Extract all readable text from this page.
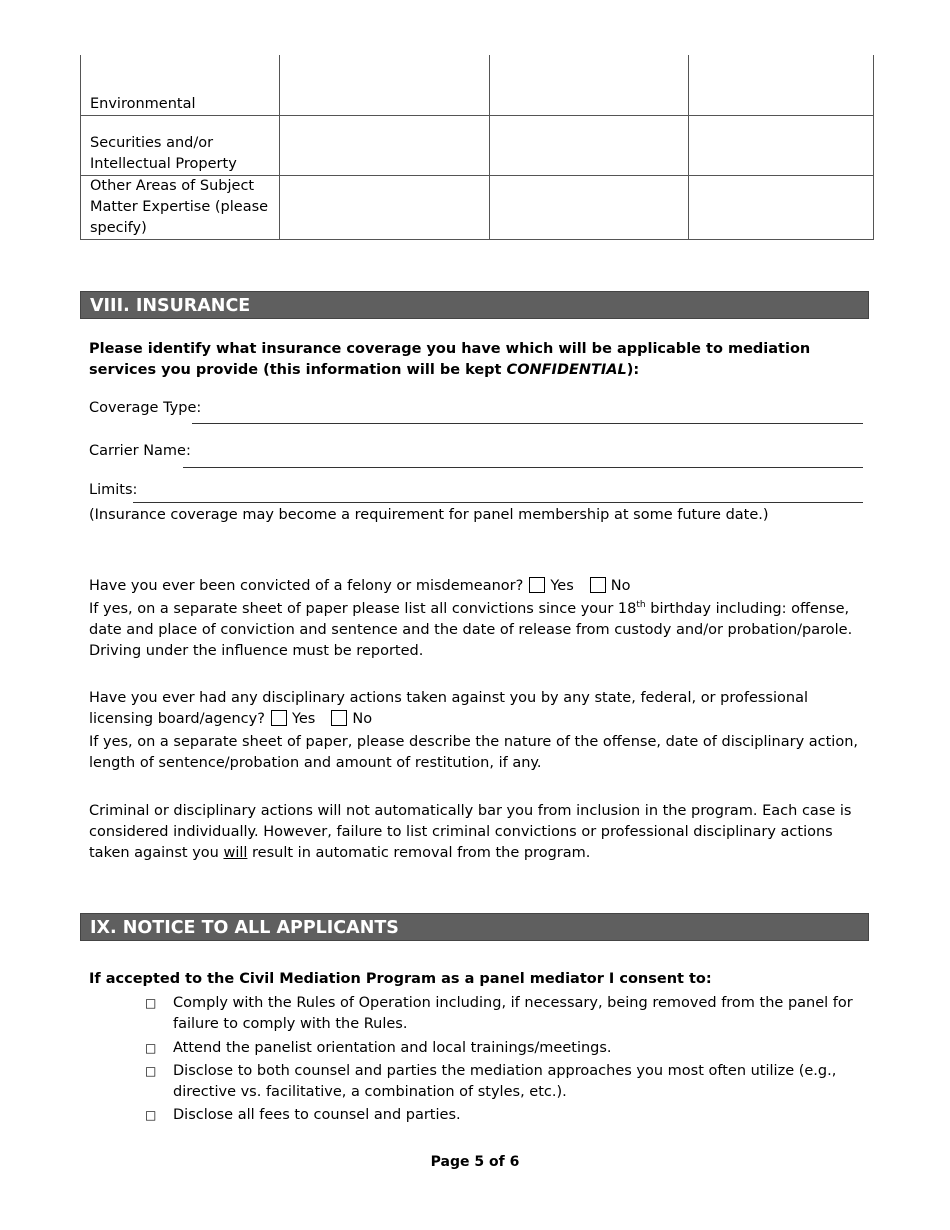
Environmental			
Securities and/or Intellectual Property			
Other Areas of Subject Matter Expertise (please specify)			
VIII. INSURANCE
Please identify what insurance coverage you have which will be applicable to mediation services you provide (this information will be kept CONFIDENTIAL):
Coverage Type:
Carrier Name:
Limits:
(Insurance coverage may become a requirement for panel membership at some future date.)
Have you ever been convicted of a felony or misdemeanor? Yes	No
If yes, on a separate sheet of paper please list all convictions since your 18th birthday including: offense, date and place of conviction and sentence and the date of release from custody and/or probation/parole. Driving under the influence must be reported.
Have you ever had any disciplinary actions taken against you by any state, federal, or professional licensing board/agency? Yes	No
If yes, on a separate sheet of paper, please describe the nature of the offense, date of disciplinary action, length of sentence/probation and amount of restitution, if any.
Criminal or disciplinary actions will not automatically bar you from inclusion in the program. Each case is considered individually. However, failure to list criminal convictions or professional disciplinary actions taken against you will result in automatic removal from the program.
IX. NOTICE TO ALL APPLICANTS
If accepted to the Civil Mediation Program as a panel mediator I consent to:
□ Comply with the Rules of Operation including, if necessary, being removed from the panel for failure to comply with the Rules.
□ Attend the panelist orientation and local trainings/meetings.
□ Disclose to both counsel and parties the mediation approaches you most often utilize (e.g., directive vs. facilitative, a combination of styles, etc.).
□ Disclose all fees to counsel and parties.
Page 5 of 6
